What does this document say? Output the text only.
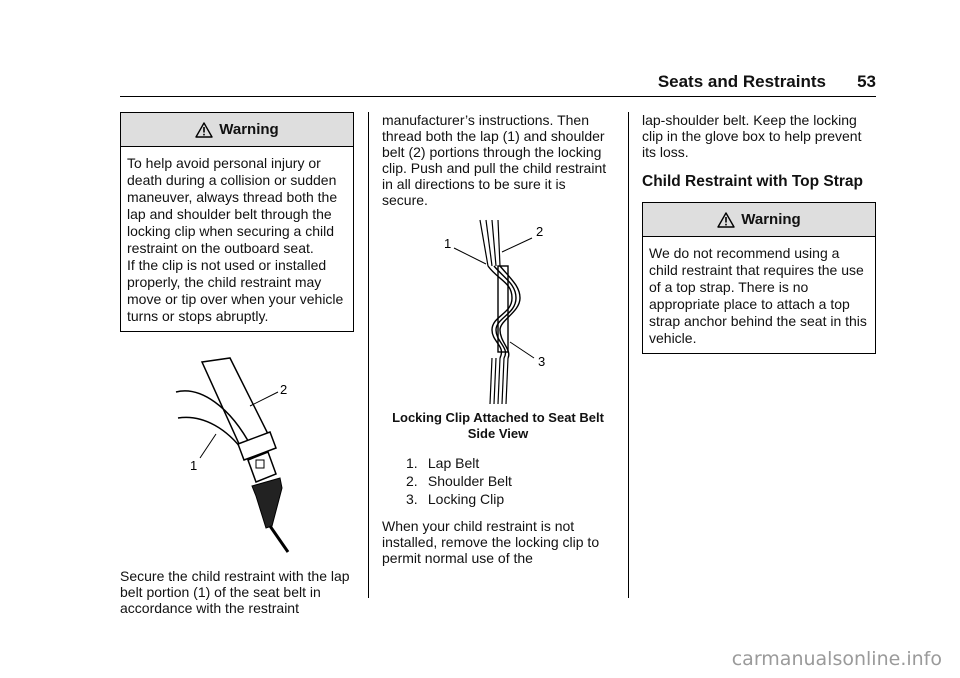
Seats and Restraints 53
Warning

To help avoid personal injury or death during a collision or sudden maneuver, always thread both the lap and shoulder belt through the locking clip when securing a child restraint on the outboard seat.

If the clip is not used or installed properly, the child restraint may move or tip over when your vehicle turns or stops abruptly.

2
1

Secure the child restraint with the lap belt portion (1) of the seat belt in accordance with the restraint

manufacturer’s instructions. Then thread both the lap (1) and shoulder belt (2) portions through the locking clip. Push and pull the child restraint in all directions to be sure it is secure.

1
2
3
Locking Clip Attached to Seat Belt
Side View
1. Lap Belt
2. Shoulder Belt
3. Locking Clip

When your child restraint is not installed, remove the locking clip to permit normal use of the

lap-shoulder belt. Keep the locking clip in the glove box to help prevent its loss.

Child Restraint with Top Strap
Warning

We do not recommend using a child restraint that requires the use of a top strap. There is no appropriate place to attach a top strap anchor behind the seat in this vehicle.

carmanualsonline.info
